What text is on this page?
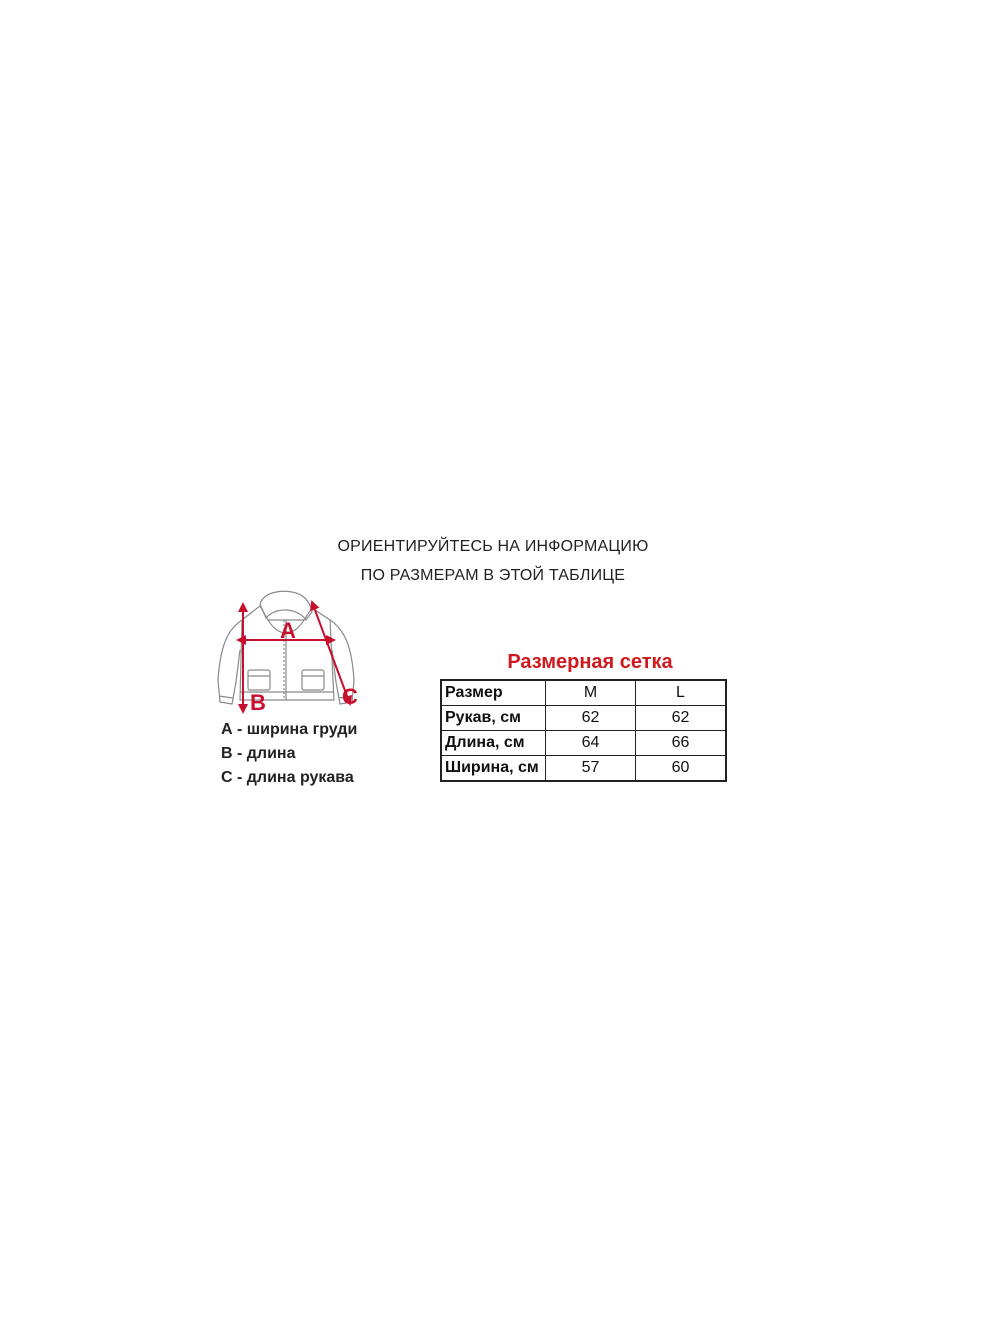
ОРИЕНТИРУЙТЕСЬ НА ИНФОРМАЦИЮ
ПО РАЗМЕРАМ В ЭТОЙ ТАБЛИЦЕ
A
B	C
А - ширина груди
В - длина
С - длина рукава
Размерная сетка
Размер	M	L
Рукав, см	62	62
Длина, см	64	66
Ширина, см	57	60
